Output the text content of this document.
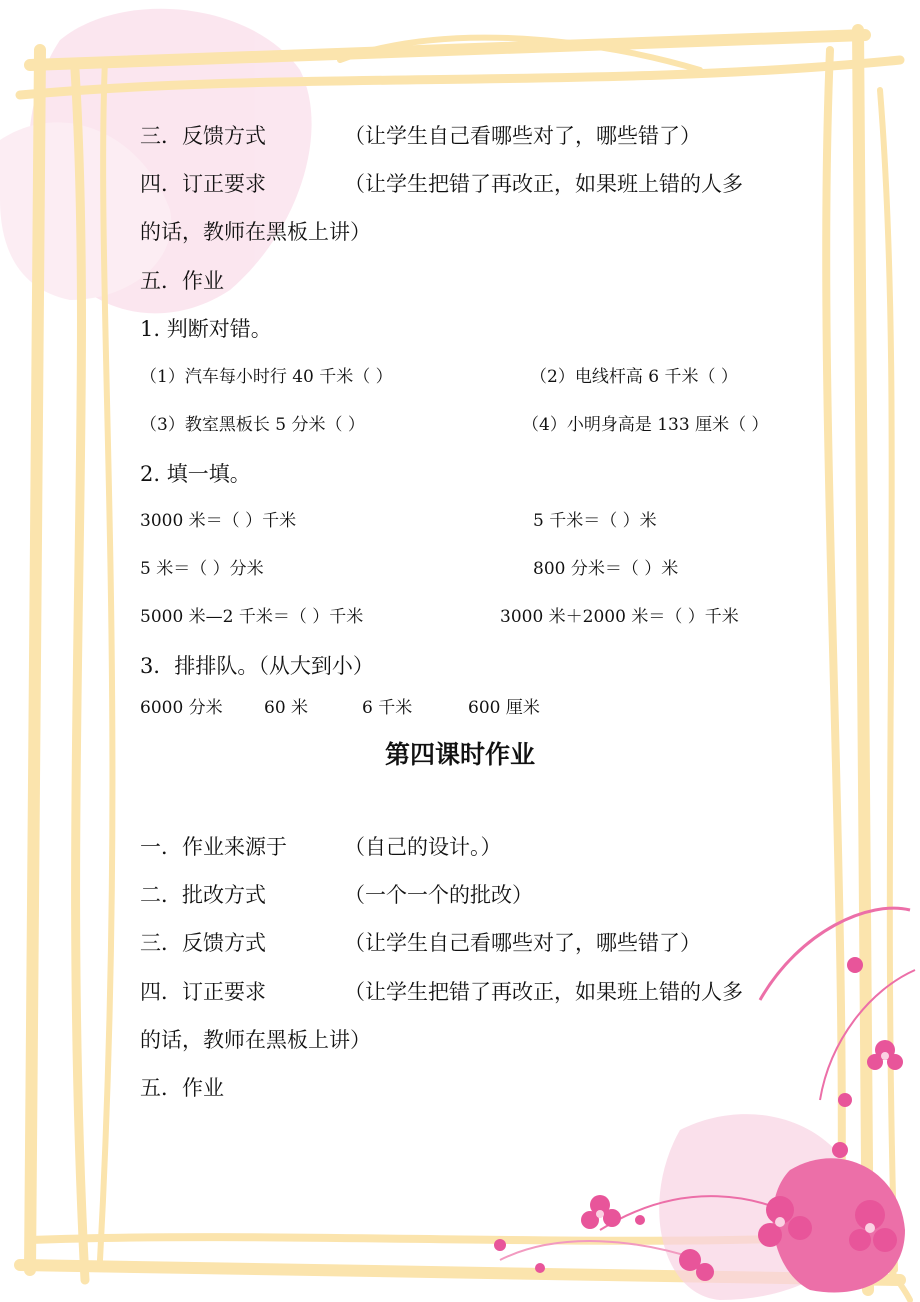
三．反馈方式	（让学生自己看哪些对了，哪些错了）
四．订正要求	（让学生把错了再改正，如果班上错的人多
的话，教师在黑板上讲）
五．作业
1. 判断对错。
（1）汽车每小时行 40 千米（ ）	（2）电线杆高 6 千米（ ）
（3）教室黑板长 5 分米（ ）	（4）小明身高是 133 厘米（ ）
2. 填一填。
3000 米＝（ ）千米	5 千米＝（ ）米
5 米＝（ ）分米	800 分米＝（ ）米
5000 米—2 千米＝（ ）千米	3000 米＋2000 米＝（ ）千米
3．排排队。（从大到小）
6000 分米 60 米	6 千米	600 厘米
第四课时作业
一．作业来源于	（自己的设计。）
二．批改方式	（一个一个的批改）
三．反馈方式	（让学生自己看哪些对了，哪些错了）
四．订正要求	（让学生把错了再改正，如果班上错的人多
的话，教师在黑板上讲）
五．作业
